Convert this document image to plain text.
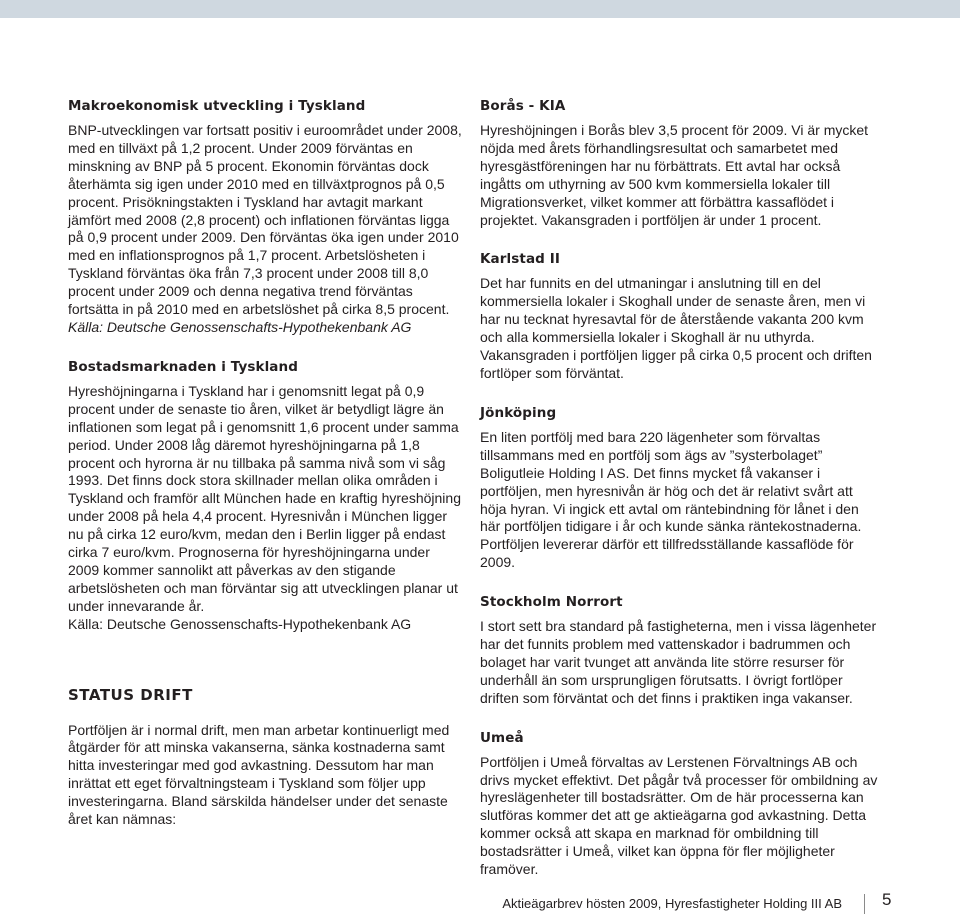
Makroekonomisk utveckling i Tyskland

BNP-utvecklingen var fortsatt positiv i euroområdet under 2008, med en tillväxt på 1,2 procent. Under 2009 förväntas en minskning av BNP på 5 procent. Ekonomin förväntas dock återhämta sig igen under 2010 med en tillväxtprognos på 0,5 procent. Prisökningstakten i Tyskland har avtagit markant jämfört med 2008 (2,8 procent) och inflationen förväntas ligga på 0,9 procent under 2009. Den förväntas öka igen under 2010 med en inflationsprognos på 1,7 procent. Arbetslösheten i Tyskland förväntas öka från 7,3 procent under 2008 till 8,0 procent under 2009 och denna negativa trend förväntas fortsätta in på 2010 med en arbetslöshet på cirka 8,5 procent.

Källa: Deutsche Genossenschafts-Hypothekenbank AG

Bostadsmarknaden i Tyskland

Hyreshöjningarna i Tyskland har i genomsnitt legat på 0,9 procent under de senaste tio åren, vilket är betydligt lägre än inflationen som legat på i genomsnitt 1,6 procent under samma period. Under 2008 låg däremot hyreshöjningarna på 1,8 procent och hyrorna är nu tillbaka på samma nivå som vi såg 1993. Det finns dock stora skillnader mellan olika områden i Tyskland och framför allt München hade en kraftig hyreshöjning under 2008 på hela 4,4 procent. Hyresnivån i München ligger nu på cirka 12 euro/kvm, medan den i Berlin ligger på endast cirka 7 euro/kvm. Prognoserna för hyreshöjningarna under 2009 kommer sannolikt att påverkas av den stigande arbetslösheten och man förväntar sig att utvecklingen planar ut under innevarande år.

Källa: Deutsche Genossenschafts-Hypothekenbank AG

STATUS DRIFT

Portföljen är i normal drift, men man arbetar kontinuerligt med åtgärder för att minska vakanserna, sänka kostnaderna samt hitta investeringar med god avkastning. Dessutom har man inrättat ett eget förvaltningsteam i Tyskland som följer upp investeringarna. Bland särskilda händelser under det senaste året kan nämnas:

Borås - KIA

Hyreshöjningen i Borås blev 3,5 procent för 2009. Vi är mycket nöjda med årets förhandlingsresultat och samarbetet med hyresgästföreningen har nu förbättrats. Ett avtal har också ingåtts om uthyrning av 500 kvm kommersiella lokaler till Migrationsverket, vilket kommer att förbättra kassaflödet i projektet. Vakansgraden i portföljen är under 1 procent.

Karlstad II

Det har funnits en del utmaningar i anslutning till en del kommersiella lokaler i Skoghall under de senaste åren, men vi har nu tecknat hyresavtal för de återstående vakanta 200 kvm och alla kommersiella lokaler i Skoghall är nu uthyrda. Vakansgraden i portföljen ligger på cirka 0,5 procent och driften fortlöper som förväntat.

Jönköping

En liten portfölj med bara 220 lägenheter som förvaltas tillsammans med en portfölj som ägs av ”systerbolaget” Boligutleie Holding I AS. Det finns mycket få vakanser i portföljen, men hyresnivån är hög och det är relativt svårt att höja hyran. Vi ingick ett avtal om räntebindning för lånet i den här portföljen tidigare i år och kunde sänka räntekostnaderna. Portföljen levererar därför ett tillfredsställande kassaflöde för 2009.

Stockholm Norrort

I stort sett bra standard på fastigheterna, men i vissa lägenheter har det funnits problem med vattenskador i badrummen och bolaget har varit tvunget att använda lite större resurser för underhåll än som ursprungligen förutsatts. I övrigt fortlöper driften som förväntat och det finns i praktiken inga vakanser.

Umeå

Portföljen i Umeå förvaltas av Lerstenen Förvaltnings AB och drivs mycket effektivt. Det pågår två processer för ombildning av hyreslägenheter till bostadsrätter. Om de här processerna kan slutföras kommer det att ge aktieägarna god avkastning. Detta kommer också att skapa en marknad för ombildning till bostadsrätter i Umeå, vilket kan öppna för fler möjligheter framöver.

Aktieägarbrev hösten 2009, Hyresfastigheter Holding III AB 5
